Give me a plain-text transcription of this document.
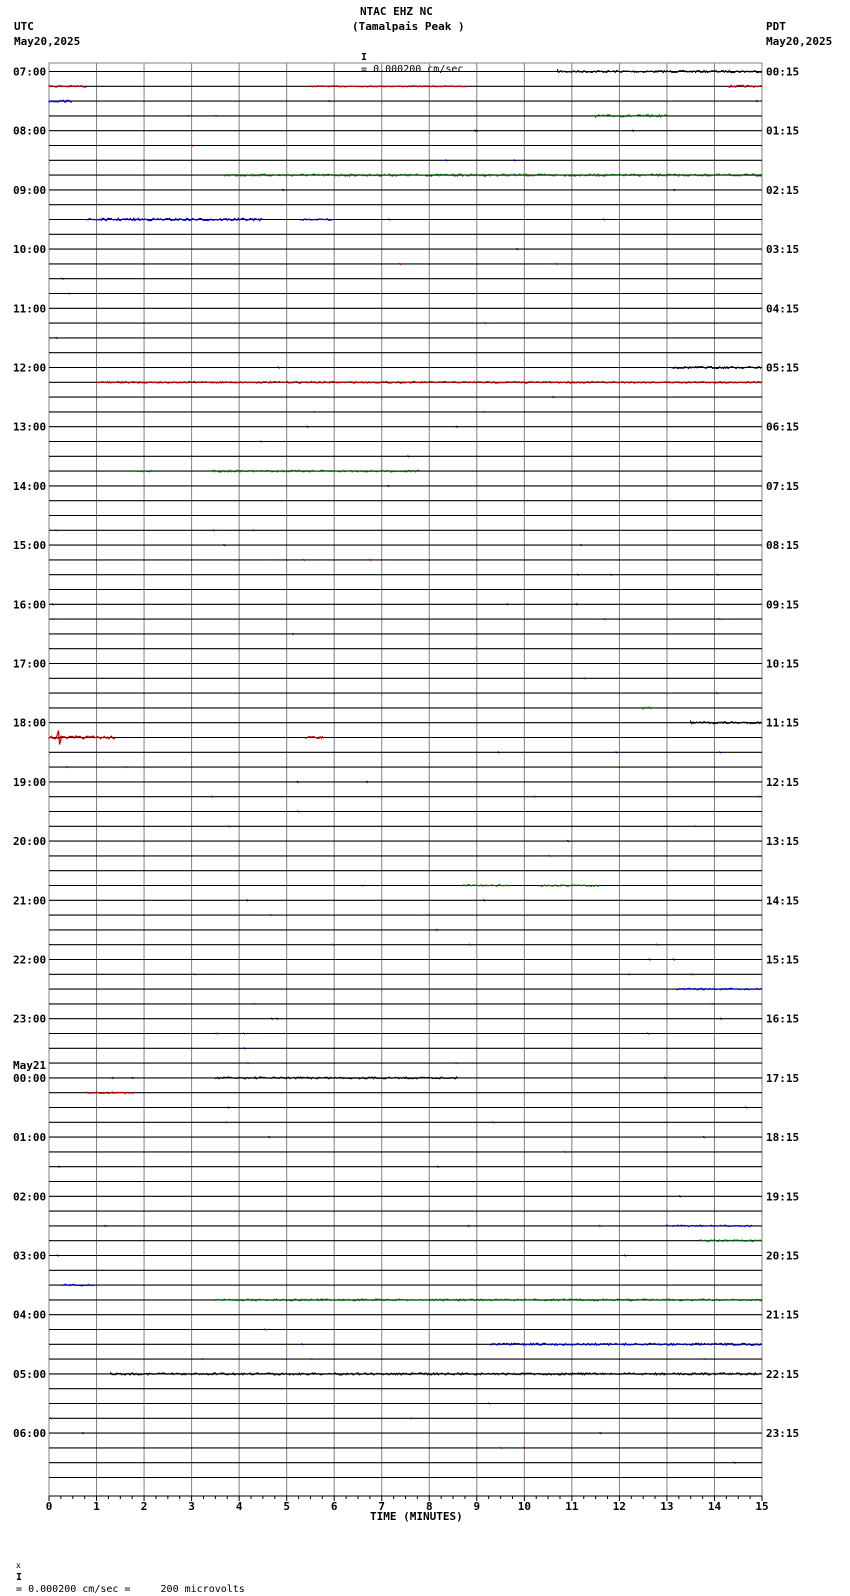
0	1	2	3	4	5	6	7	8	9	10	11	12	13	14	15
07:00
08:00
09:00
10:00
11:00
12:00
13:00
14:00
15:00
16:00
17:00
18:00
19:00
20:00
21:00
22:00
23:00
00:00
01:00
02:00
03:00
04:00
05:00
06:00
May21
00:15
01:15
02:15
03:15
04:15
05:15
06:15
07:15
08:15
09:15
10:15
11:15
12:15
13:15
14:15
15:15
16:15
17:15
18:15
19:15
20:15
21:15
22:15
23:15
NTAC EHZ NC
(Tamalpais Peak )

I
= 0.000200 cm/sec

UTC
May20,2025
PDT
May20,2025
TIME (MINUTES)

x
I
= 0.000200 cm/sec =     200 microvolts
